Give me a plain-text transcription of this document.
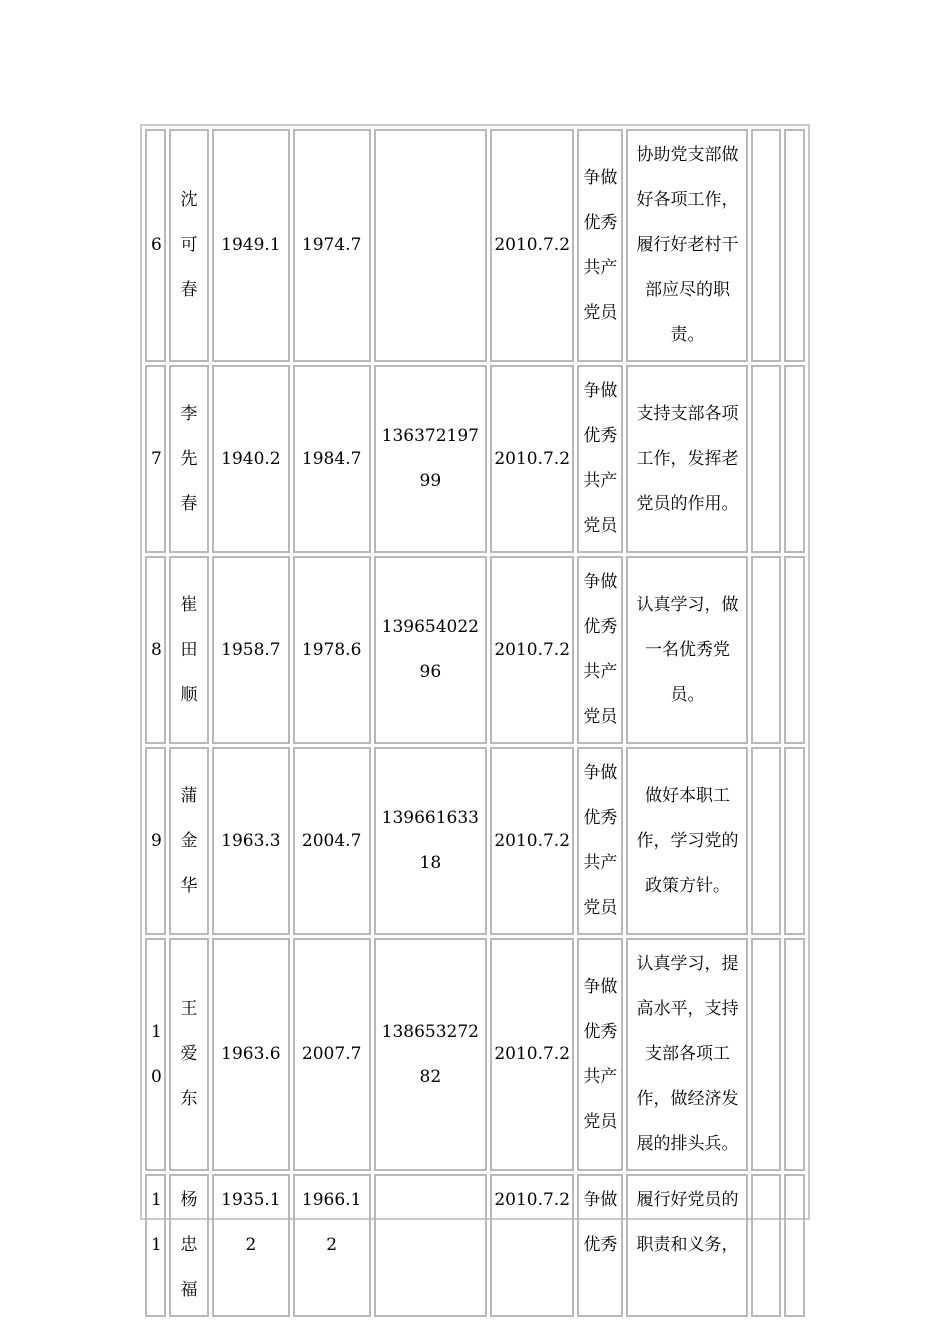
6	沈可春	1949.1	1974.7		2010.7.2	争做优秀共产党员	协助党支部做好各项工作，履行好老村干部应尽的职责。		
7	李先春	1940.2	1984.7	13637219799	2010.7.2	争做优秀共产党员	支持支部各项工作，发挥老党员的作用。		
8	崔田顺	1958.7	1978.6	13965402296	2010.7.2	争做优秀共产党员	认真学习，做一名优秀党员。		
9	蒲金华	1963.3	2004.7	13966163318	2010.7.2	争做优秀共产党员	做好本职工作，学习党的政策方针。		
10	王爱东	1963.6	2007.7	13865327282	2010.7.2	争做优秀共产党员	认真学习，提高水平，支持支部各项工作，做经济发展的排头兵。		
11	杨忠福	1935.12	1966.12		2010.7.2	争做优秀	履行好党员的职责和义务，		
